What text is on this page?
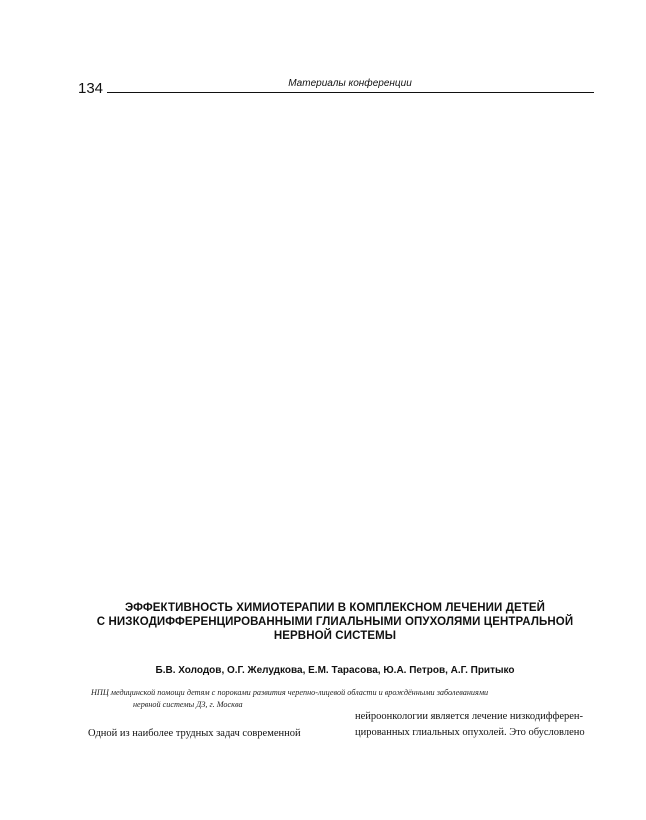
134	Материалы конференции
ЭФФЕКТИВНОСТЬ ХИМИОТЕРАПИИ В КОМПЛЕКСНОМ ЛЕЧЕНИИ ДЕТЕЙ
С НИЗКОДИФФЕРЕНЦИРОВАННЫМИ ГЛИАЛЬНЫМИ ОПУХОЛЯМИ ЦЕНТРАЛЬНОЙ
НЕРВНОЙ СИСТЕМЫ
Б.В. Холодов, О.Г. Желудкова, Е.М. Тарасова, Ю.А. Петров, А.Г. Притыко
НПЦ медицинской помощи детям с пороками развития черепно-лицевой области и врождёнными заболеваниями
нервной системы ДЗ, г. Москва
Одной из наиболее трудных задач современной
нейроонкологии является лечение низкодифферен-
цированных глиальных опухолей. Это обусловлено
